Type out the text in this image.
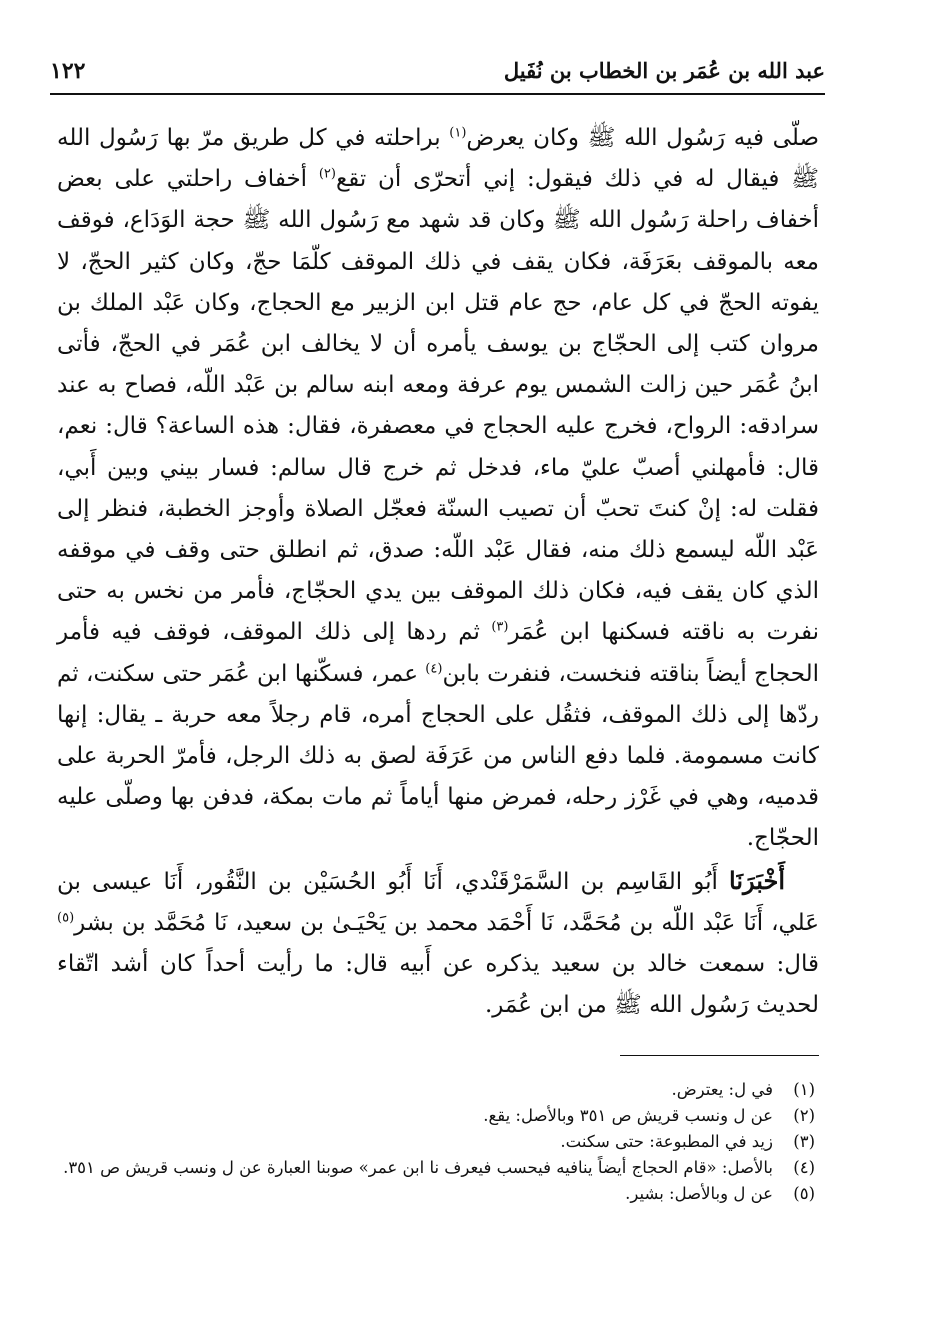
عبد الله بن عُمَر بن الخطاب بن نُفَيل
١٢٢

صلّى فيه رَسُول الله ﷺ وكان يعرض$^{(١)}$ براحلته في كل طريق مرّ بها رَسُول الله ﷺ فيقال له في ذلك فيقول: إني أتحرّى أن تقع$^{(٢)}$ أخفاف راحلتي على بعض أخفاف راحلة رَسُول الله ﷺ وكان قد شهد مع رَسُول الله ﷺ حجة الوَدَاع، فوقف معه بالموقف بعَرَفَة، فكان يقف في ذلك الموقف كلّمَا حجّ، وكان كثير الحجّ، لا يفوته الحجّ في كل عام، حج عام قتل ابن الزبير مع الحجاج، وكان عَبْد الملك بن مروان كتب إلى الحجّاج بن يوسف يأمره أن لا يخالف ابن عُمَر في الحجّ، فأتى ابنُ عُمَر حين زالت الشمس يوم عرفة ومعه ابنه سالم بن عَبْد اللّه، فصاح به عند سرادقه: الرواح، فخرج عليه الحجاج في معصفرة، فقال: هذه الساعة؟ قال: نعم، قال: فأمهلني أصبّ عليّ ماء، فدخل ثم خرج قال سالم: فسار بيني وبين أَبي، فقلت له: إنْ كنتَ تحبّ أن تصيب السنّة فعجّل الصلاة وأوجز الخطبة، فنظر إلى عَبْد اللّه ليسمع ذلك منه، فقال عَبْد اللّه: صدق، ثم انطلق حتى وقف في موقفه الذي كان يقف فيه، فكان ذلك الموقف بين يدي الحجّاج، فأمر من نخس به حتى نفرت به ناقته فسكنها ابن عُمَر$^{(٣)}$ ثم ردها إلى ذلك الموقف، فوقف فيه فأمر الحجاج أيضاً بناقته فنخست، فنفرت بابن$^{(٤)}$ عمر، فسكّنها ابن عُمَر حتى سكنت، ثم ردّها إلى ذلك الموقف، فثقُل على الحجاج أمره، قام رجلاً معه حربة ـ يقال: إنها كانت مسمومة. فلما دفع الناس من عَرَفَة لصق به ذلك الرجل، فأمرّ الحربة على قدميه، وهي في غَرْز رحله، فمرض منها أياماً ثم مات بمكة، فدفن بها وصلّى عليه الحجّاج.

أَخْبَرَنَا أَبُو القَاسِم بن السَّمَرْقَنْدي، أَنَا أَبُو الحُسَيْن بن النَّقُور، أَنَا عيسى بن عَلي، أَنَا عَبْد اللّه بن مُحَمَّد، نَا أَحْمَد محمد بن يَحْيَـىٰ بن سعيد، نَا مُحَمَّد بن بشر$^{(٥)}$ قال: سمعت خالد بن سعيد يذكره عن أَبيه قال: ما رأيت أحداً كان أشد اتّقاء لحديث رَسُول الله ﷺ من ابن عُمَر.

(١)
في ل: يعترض.
(٢)
عن ل ونسب قريش ص ٣٥١ وبالأصل: يقع.
(٣)
زيد في المطبوعة: حتى سكنت.
(٤)
بالأصل: «قام الحجاج أيضاً ينافيه فيحسب فيعرف نا ابن عمر» صوبنا العبارة عن ل ونسب قريش ص ٣٥١.
(٥)
عن ل وبالأصل: بشير.
